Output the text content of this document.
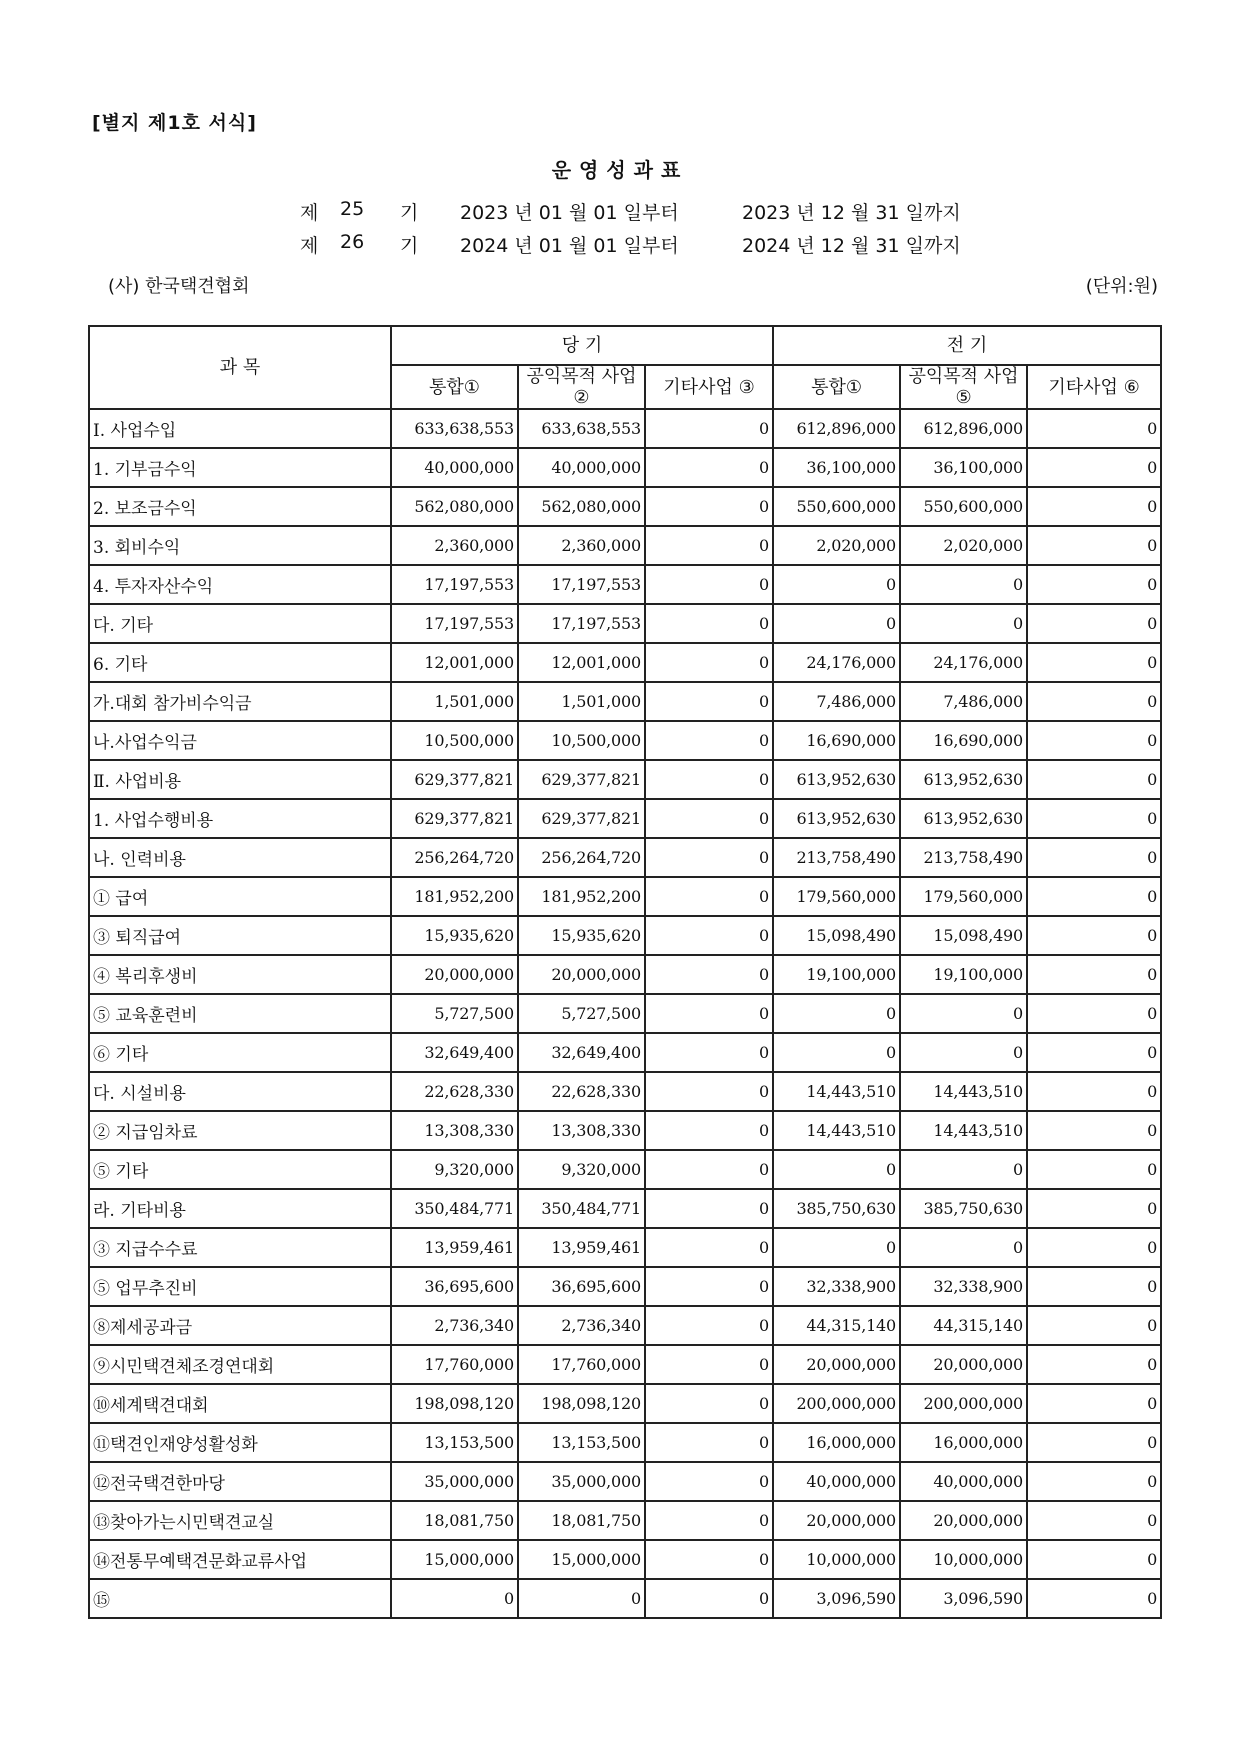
[별지 제1호 서식]
운영성과표
제	25	기	2023 년 01 월 01 일부터	2023 년 12 월 31 일까지
제	26	기	2024 년 01 월 01 일부터	2024 년 12 월 31 일까지
(사) 한국택견협회	(단위:원)
과 목	당 기			전 기		
	통합①	공익목적 사업②	기타사업 ③	통합①	공익목적 사업⑤	기타사업 ⑥
Ⅰ. 사업수입	633,638,553	633,638,553	0	612,896,000	612,896,000	0
1. 기부금수익	40,000,000	40,000,000	0	36,100,000	36,100,000	0
2. 보조금수익	562,080,000	562,080,000	0	550,600,000	550,600,000	0
3. 회비수익	2,360,000	2,360,000	0	2,020,000	2,020,000	0
4. 투자자산수익	17,197,553	17,197,553	0	0	0	0
다. 기타	17,197,553	17,197,553	0	0	0	0
6. 기타	12,001,000	12,001,000	0	24,176,000	24,176,000	0
가.대회 참가비수익금	1,501,000	1,501,000	0	7,486,000	7,486,000	0
나.사업수익금	10,500,000	10,500,000	0	16,690,000	16,690,000	0
Ⅱ. 사업비용	629,377,821	629,377,821	0	613,952,630	613,952,630	0
1. 사업수행비용	629,377,821	629,377,821	0	613,952,630	613,952,630	0
나. 인력비용	256,264,720	256,264,720	0	213,758,490	213,758,490	0
① 급여	181,952,200	181,952,200	0	179,560,000	179,560,000	0
③ 퇴직급여	15,935,620	15,935,620	0	15,098,490	15,098,490	0
④ 복리후생비	20,000,000	20,000,000	0	19,100,000	19,100,000	0
⑤ 교육훈련비	5,727,500	5,727,500	0	0	0	0
⑥ 기타	32,649,400	32,649,400	0	0	0	0
다. 시설비용	22,628,330	22,628,330	0	14,443,510	14,443,510	0
② 지급임차료	13,308,330	13,308,330	0	14,443,510	14,443,510	0
⑤ 기타	9,320,000	9,320,000	0	0	0	0
라. 기타비용	350,484,771	350,484,771	0	385,750,630	385,750,630	0
③ 지급수수료	13,959,461	13,959,461	0	0	0	0
⑤ 업무추진비	36,695,600	36,695,600	0	32,338,900	32,338,900	0
⑧제세공과금	2,736,340	2,736,340	0	44,315,140	44,315,140	0
⑨시민택견체조경연대회	17,760,000	17,760,000	0	20,000,000	20,000,000	0
⑩세계택견대회	198,098,120	198,098,120	0	200,000,000	200,000,000	0
⑪택견인재양성활성화	13,153,500	13,153,500	0	16,000,000	16,000,000	0
⑫전국택견한마당	35,000,000	35,000,000	0	40,000,000	40,000,000	0
⑬찾아가는시민택견교실	18,081,750	18,081,750	0	20,000,000	20,000,000	0
⑭전통무예택견문화교류사업	15,000,000	15,000,000	0	10,000,000	10,000,000	0
⑮	0	0	0	3,096,590	3,096,590	0
